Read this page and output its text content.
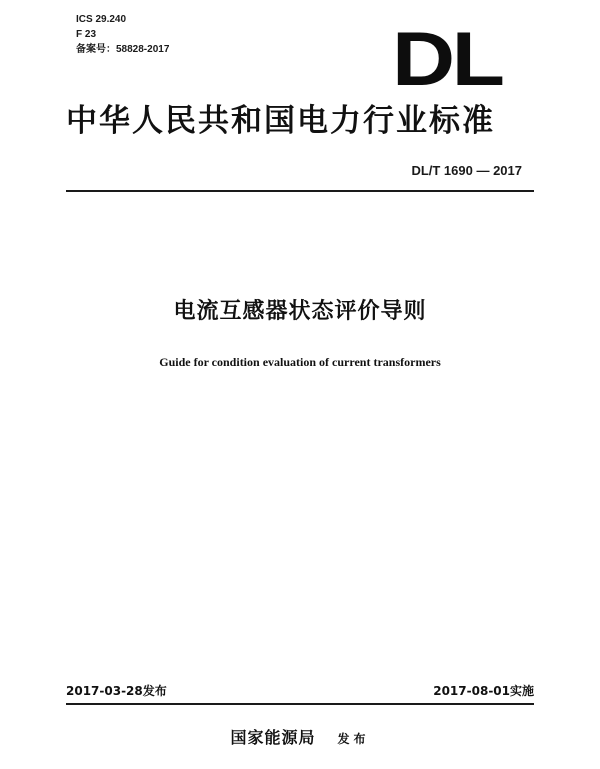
ICS 29.240
F 23
备案号：58828-2017	DL
中华人民共和国电力行业标准
DL/T 1690 — 2017
电流互感器状态评价导则
Guide for condition evaluation of current transformers
2017-03-28发布	2017-08-01实施
国家能源局 发布
